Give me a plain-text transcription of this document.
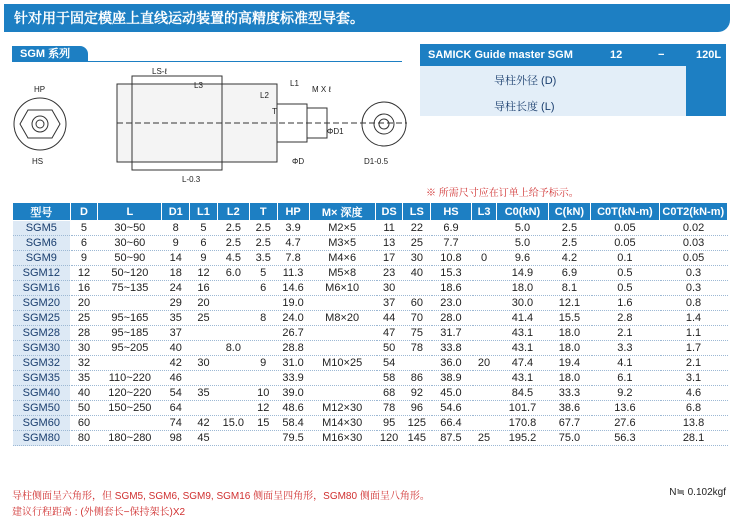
针对用于固定模座上直线运动装置的高精度标准型导套。
SGM 系列
HP
HS
LS-ℓ
L3
L-0.3
L2
L1
T
M X ℓ
ΦD
ΦD1
D1-0.5
SAMICK Guide master SGM	12	−	120L
导柱外径 (D)
导柱长度 (L)
※ 所需尺寸应在订单上给予标示。
型号	D	L	D1	L1	L2	T	HP	M× 深度	DS	LS	HS	L3	C0(kN)	C(kN)	C0T(kN-m)	C0T2(kN-m)
SGM5	5	30~50	8	5	2.5	2.5	3.9	M2×5	11	22	6.9		5.0	2.5	0.05	0.02
SGM6	6	30~60	9	6	2.5	2.5	4.7	M3×5	13	25	7.7		5.0	2.5	0.05	0.03
SGM9	9	50~90	14	9	4.5	3.5	7.8	M4×6	17	30	10.8	0	9.6	4.2	0.1	0.05
SGM12	12	50~120	18	12	6.0	5	11.3	M5×8	23	40	15.3		14.9	6.9	0.5	0.3
SGM16	16	75~135	24	16		6	14.6	M6×10	30		18.6		18.0	8.1	0.5	0.3
SGM20	20		29	20			19.0		37	60	23.0		30.0	12.1	1.6	0.8
SGM25	25	95~165	35	25		8	24.0	M8×20	44	70	28.0		41.4	15.5	2.8	1.4
SGM28	28	95~185	37				26.7		47	75	31.7		43.1	18.0	2.1	1.1
SGM30	30	95~205	40		8.0		28.8		50	78	33.8		43.1	18.0	3.3	1.7
SGM32	32		42	30		9	31.0	M10×25	54		36.0	20	47.4	19.4	4.1	2.1
SGM35	35	110~220	46				33.9		58	86	38.9		43.1	18.0	6.1	3.1
SGM40	40	120~220	54	35		10	39.0		68	92	45.0		84.5	33.3	9.2	4.6
SGM50	50	150~250	64			12	48.6	M12×30	78	96	54.6		101.7	38.6	13.6	6.8
SGM60	60		74	42	15.0	15	58.4	M14×30	95	125	66.4		170.8	67.7	27.6	13.8
SGM80	80	180~280	98	45			79.5	M16×30	120	145	87.5	25	195.2	75.0	56.3	28.1
导柱侧面呈六角形，但 SGM5, SGM6, SGM9, SGM16 侧面呈四角形，SGM80 侧面呈八角形。
建议行程距离 : (外侧套长−保持架长)X2
N≒ 0.102kgf
